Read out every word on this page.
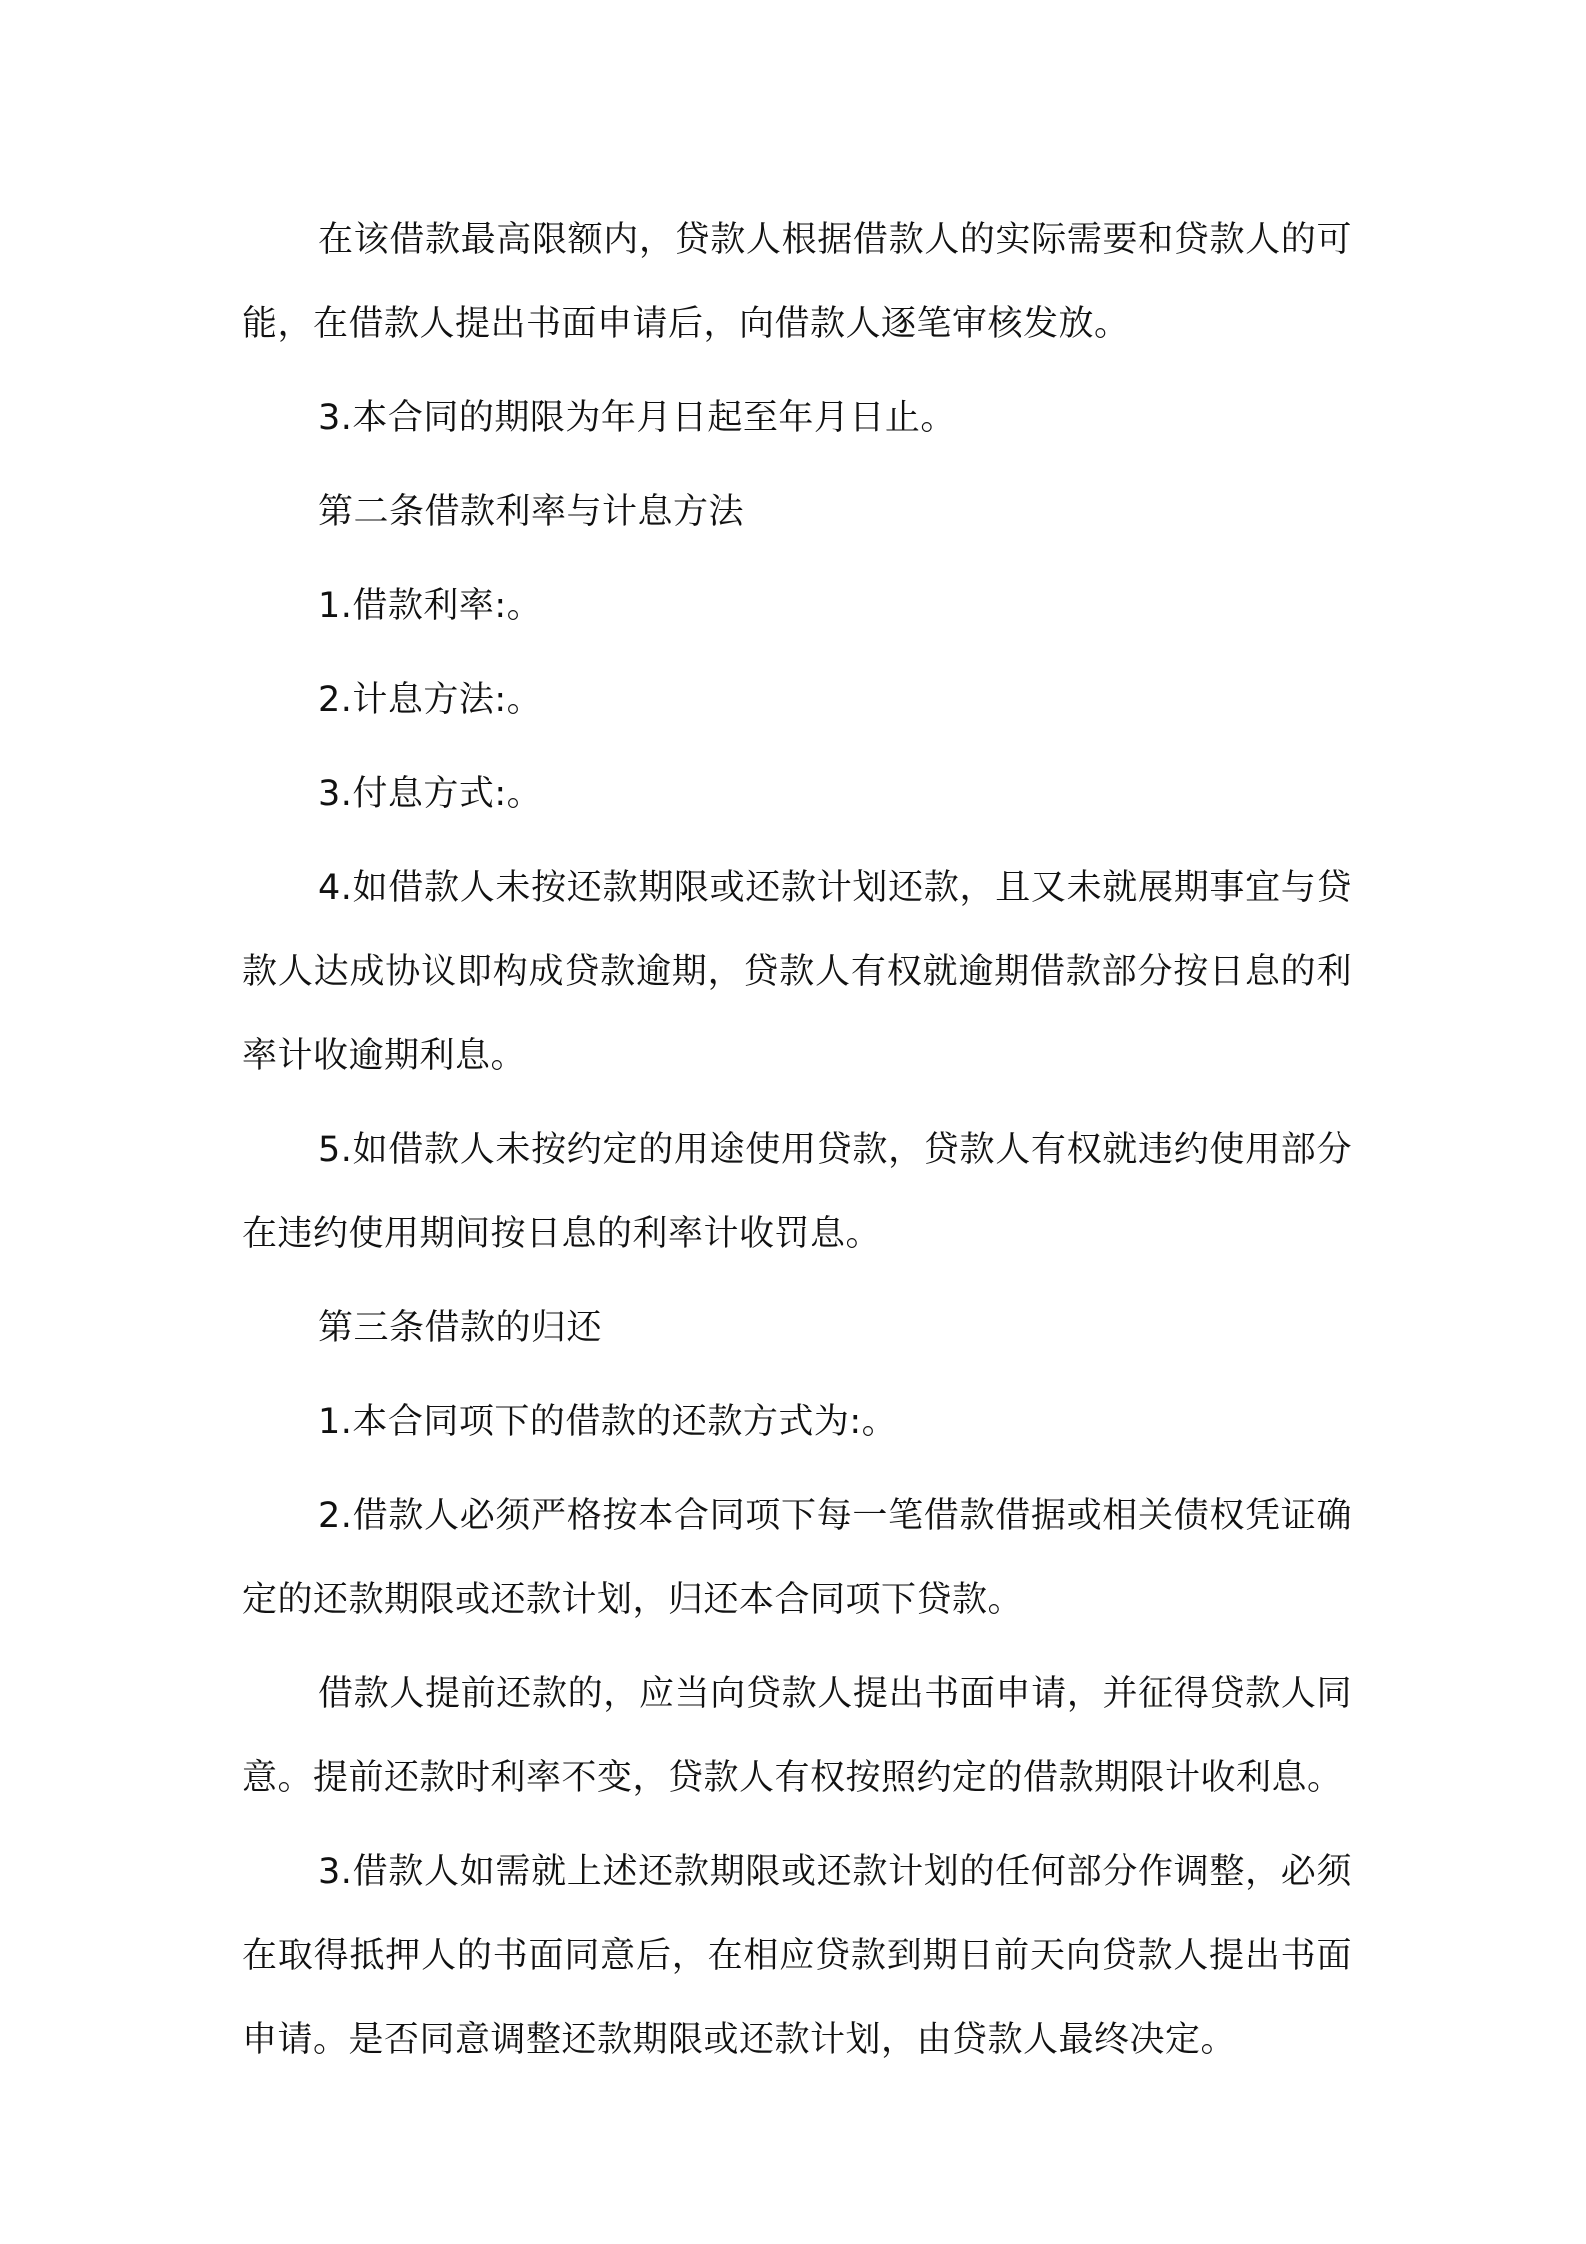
在该借款最高限额内，贷款人根据借款人的实际需要和贷款人的可能，在借款人提出书面申请后，向借款人逐笔审核发放。

3.本合同的期限为年月日起至年月日止。

第二条借款利率与计息方法

1.借款利率:。

2.计息方法:。

3.付息方式:。

4.如借款人未按还款期限或还款计划还款，且又未就展期事宜与贷款人达成协议即构成贷款逾期，贷款人有权就逾期借款部分按日息的利率计收逾期利息。

5.如借款人未按约定的用途使用贷款，贷款人有权就违约使用部分在违约使用期间按日息的利率计收罚息。

第三条借款的归还

1.本合同项下的借款的还款方式为:。

2.借款人必须严格按本合同项下每一笔借款借据或相关债权凭证确定的还款期限或还款计划，归还本合同项下贷款。

借款人提前还款的，应当向贷款人提出书面申请，并征得贷款人同意。提前还款时利率不变，贷款人有权按照约定的借款期限计收利息。

3.借款人如需就上述还款期限或还款计划的任何部分作调整，必须在取得抵押人的书面同意后，在相应贷款到期日前天向贷款人提出书面申请。是否同意调整还款期限或还款计划，由贷款人最终决定。
